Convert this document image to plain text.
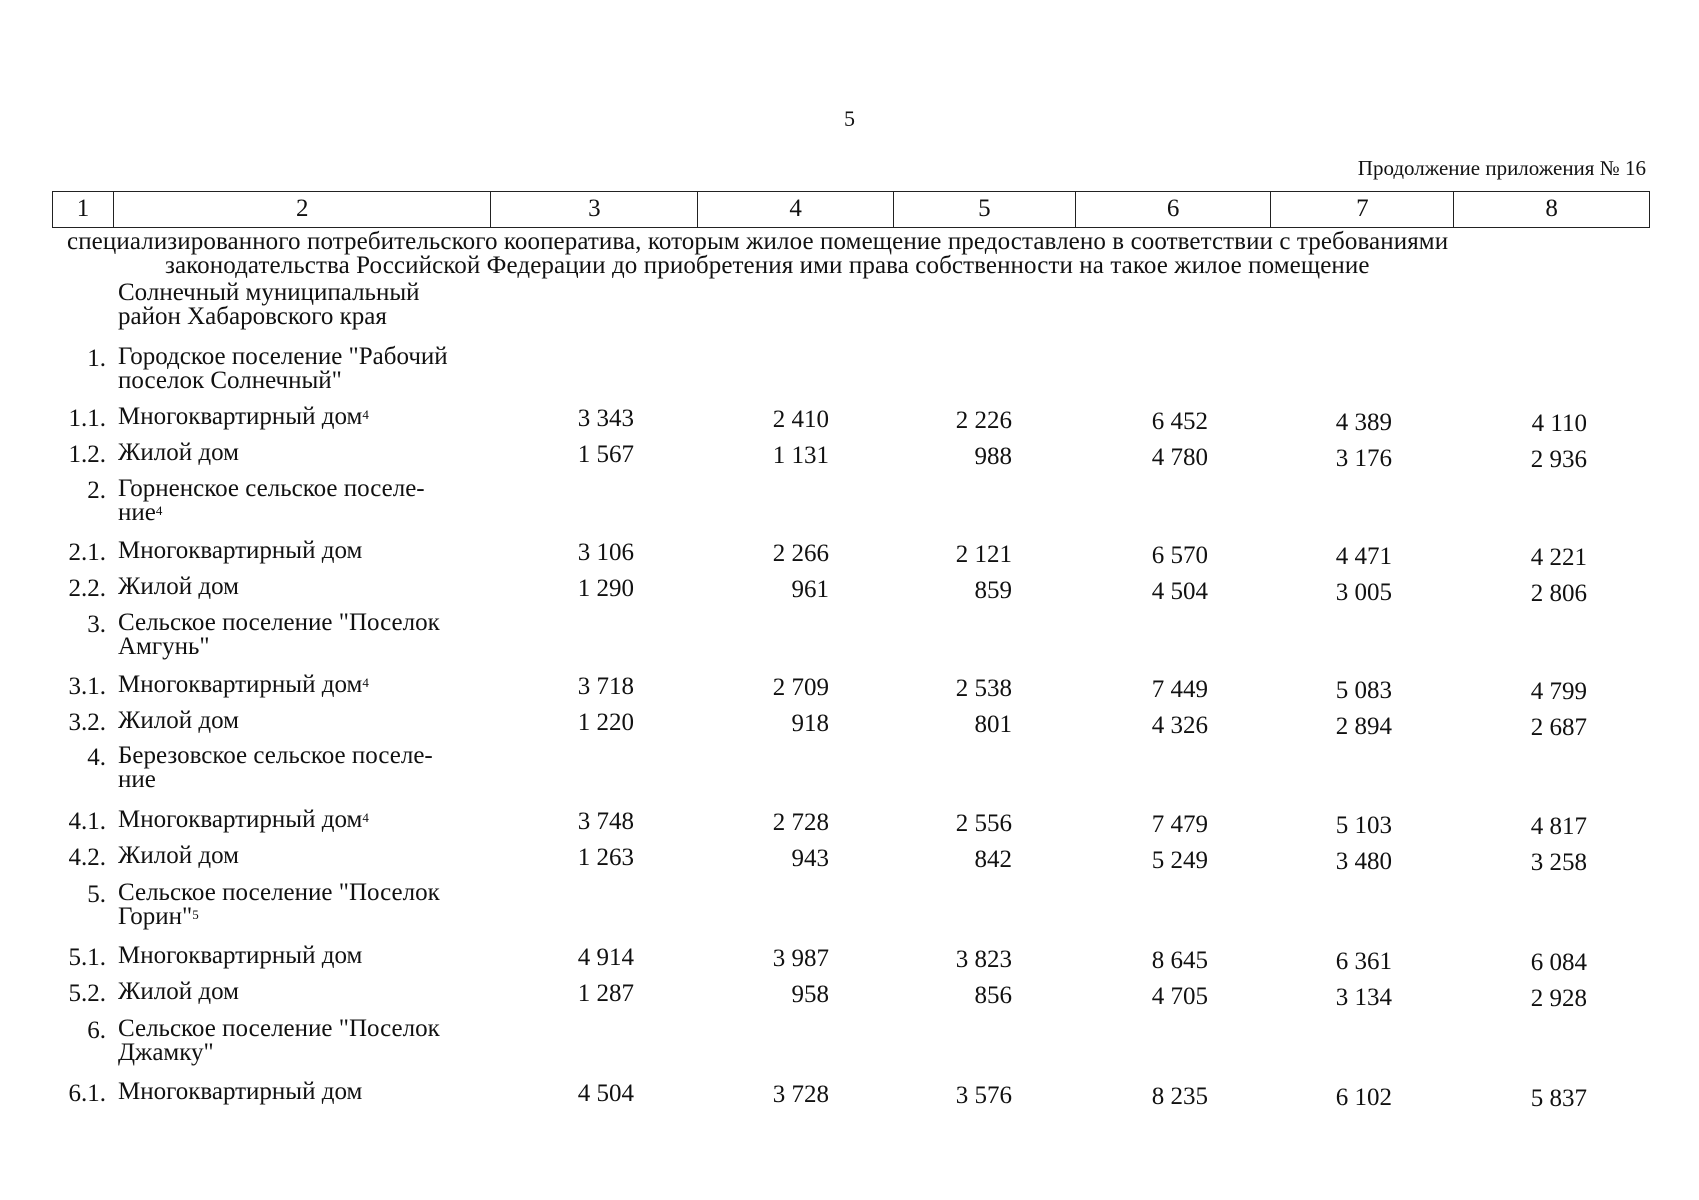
5
Продолжение приложения № 16
1	2	3	4	5	6	7	8
специализированного потребительского кооператива, которым жилое помещение предоставлено в соответствии с требованиями
законодательства Российской Федерации до приобретения ими права собственности на такое жилое помещение
Солнечный муниципальный
район Хабаровского края
1. Городское поселение "Рабочий
поселок Солнечный"
1.1. Многоквартирный дом$^4$	3 343	2 410	2 226	6 452	4 389	4 110
1.2. Жилой дом	1 567	1 131	988	4 780	3 176	2 936
2. Горненское сельское поселе-
ние$^4$
2.1. Многоквартирный дом	3 106	2 266	2 121	6 570	4 471	4 221
2.2. Жилой дом	1 290	961	859	4 504	3 005	2 806
3. Сельское поселение "Поселок
Амгунь"
3.1. Многоквартирный дом$^4$	3 718	2 709	2 538	7 449	5 083	4 799
3.2. Жилой дом	1 220	918	801	4 326	2 894	2 687
4. Березовское сельское поселе-
ние
4.1. Многоквартирный дом$^4$	3 748	2 728	2 556	7 479	5 103	4 817
4.2. Жилой дом	1 263	943	842	5 249	3 480	3 258
5. Сельское поселение "Поселок
Горин"$^5$
5.1. Многоквартирный дом	4 914	3 987	3 823	8 645	6 361	6 084
5.2. Жилой дом	1 287	958	856	4 705	3 134	2 928
6. Сельское поселение "Поселок
Джамку"
6.1. Многоквартирный дом	4 504	3 728	3 576	8 235	6 102	5 837
